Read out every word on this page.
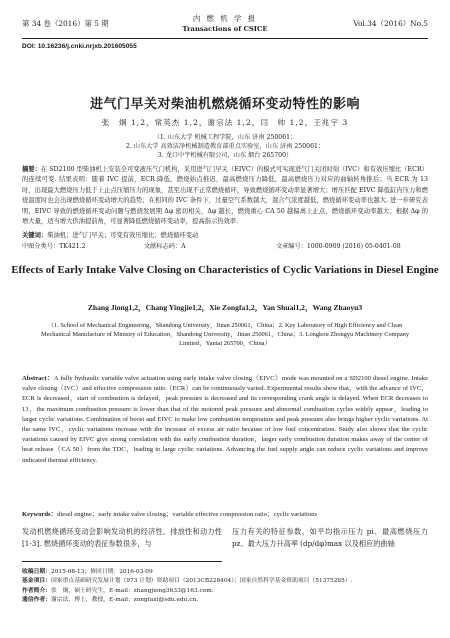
第 34 卷（2016）第 5 期
内 燃 机 学 报
Transactions of CSICE
Vol.34（2016）No.5
DOI: 10.16236/j.cnki.nrjxb.201605055
进气门早关对柴油机燃烧循环变动特性的影响
张　炯 1,2，常英杰 1,2，谢宗法 1,2，闫　帅 1,2，王兆宇 3
（1. 山东大学 机械工程学院，山东 济南 250061；
2. 山东大学 高效洁净机械制造教育部重点实验室，山东 济南 250061；
3. 龙口中宇机械有限公司，山东 烟台 265700）
摘要：在 SD2100 型柴油机上安装全可变液压气门机构，采用进气门早关（EIVC）的模式可实现进气门关闭时刻（IVC）和有效压缩比（ECR）的连续可变. 结果表明：随着 IVC 提前，ECR 降低，燃烧始点推迟，最高燃烧压力降低，最高燃烧压力对应的曲轴转角推后；当 ECR 为 13 时，出现最大燃烧压力低于上止点压缩压力的现象，甚至出现不正常燃烧循环，导致燃烧循环变动率显著增大；增压匹配 EIVC 降低缸内压力和燃烧温度时也会出现燃烧循环变动增大的趋势；在相同的 IVC 条件下，过量空气系数越大，混合气浓度越低，燃烧循环变动率也越大. 进一步研究表明，EIVC 导致的燃烧循环变动问题与燃烧发展期 Δφ 密切相关，Δφ 越长，燃烧重心 CA 50 越偏离上止点，燃烧循环变动率越大；根据 Δφ 的增大量，适当增大供油提前角，可显著降低燃烧循环变动率，提高指示热效率.
关键词：柴油机；进气门早关；可变有效压缩比；燃烧循环变动
中图分类号：TK421.2	文献标志码：A	文章编号：1000-0909 (2016) 05-0401-08
Effects of Early Intake Valve Closing on Characteristics of Cyclic Variations in Diesel Engine
Zhang Jiong1,2，Chang Yingjie1,2，Xie Zongfa1,2，Yan Shuai1,2，Wang Zhaoyu3
（1. School of Mechanical Engineering，Shandong University，Jinan 250061，China；2. Key Laboratory of High Efficiency and Clean Mechanical Manufacture of Ministry of Education，Shandong University，Jinan 250061，China；3. Longkou Zhongyu Machinery Company Limited，Yantai 265700，China）
Abstract：A fully hydraulic variable valve actuation using early intake valve closing（EIVC）mode was mounted on a SD2100 diesel engine. Intake valve closing（IVC）and effective compression ratio（ECR）can be continuously varied. Experimental results show that，with the advance of IVC，ECR is decreased，start of combustion is delayed，peak pressure is decreased and its corresponding crank angle is delayed. When ECR decreases to 13，the maximum combustion pressure is lower than that of the motored peak pressure and abnormal combustion cycles widely appear，leading to larger cyclic variations. Combination of boost and EIVC to make low combustion temperature and peak pressure also brings higher cyclic variations. At the same IVC，cyclic variations increase with the increase of excess air ratio because of low fuel concentration. Study also shows that the cyclic variations caused by EIVC give strong correlation with the early combustion duration，larger early combustion duration makes away of the center of heat release（CA 50）from the TDC，leading to large cyclic variations. Advancing the fuel supply angle can reduce cyclic variations and improve indicated thermal efficiency.
Keywords：diesel engine；early intake valve closing；variable effective compression ratio；cyclic variations
发动机燃烧循环变动会影响发动机的经济性、排放性和动力性[1-3]. 燃烧循环变动的表征参数很多，与
压力有关的特征参数，如平均指示压力 pi、最高燃烧压力 pz、最大压力升高率 (dp/dφ)max 以及相应的曲轴
收稿日期：2015-08-13；修回日期：2016-03-09
基金项目：国家重点基础研究发展计划（973 计划）资助项目（2013CB228404）；国家自然科学基金资助项目（51375265）.
作者简介：张　炯，硕士研究生，E-mail：zhangjiong3633@163.com.
通信作者：谢宗法，博士，教授，E-mail：zongfaxi@sdu.edu.cn.
